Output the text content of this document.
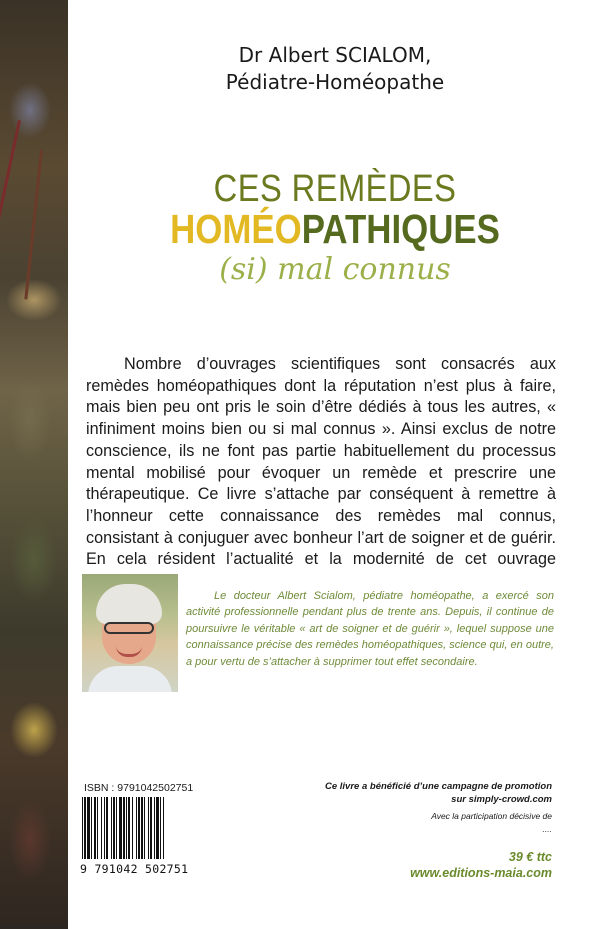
Dr Albert SCIALOM,
Pédiatre-Homéopathe
CES REMÈDES
HOMÉOPATHIQUES
(si) mal connus

Nombre d’ouvrages scientifiques sont consacrés aux remèdes homéopathiques dont la réputation n’est plus à faire, mais bien peu ont pris le soin d’être dédiés à tous les autres, « infiniment moins bien ou si mal connus ». Ainsi exclus de notre conscience, ils ne font pas partie habituellement du processus mental mobilisé pour évoquer un remède et prescrire une thérapeutique. Ce livre s’attache par conséquent à remettre à l’honneur cette connaissance des remèdes mal connus, consistant à conjuguer avec bonheur l’art de soigner et de guérir. En cela résident l’actualité et la modernité de cet ouvrage

Le docteur Albert Scialom, pédiatre homéopathe, a exercé son activité professionnelle pendant plus de trente ans. Depuis, il continue de poursuivre le véritable « art de soigner et de guérir », lequel suppose une connaissance précise des remèdes homéopathiques, science qui, en outre, a pour vertu de s’attacher à supprimer tout effet secondaire.

ISBN : 9791042502751
9 791042 502751
Ce livre a bénéficié d’une campagne de promotion
sur simply-crowd.com
Avec la participation décisive de
....
39 € ttc
www.editions-maia.com
